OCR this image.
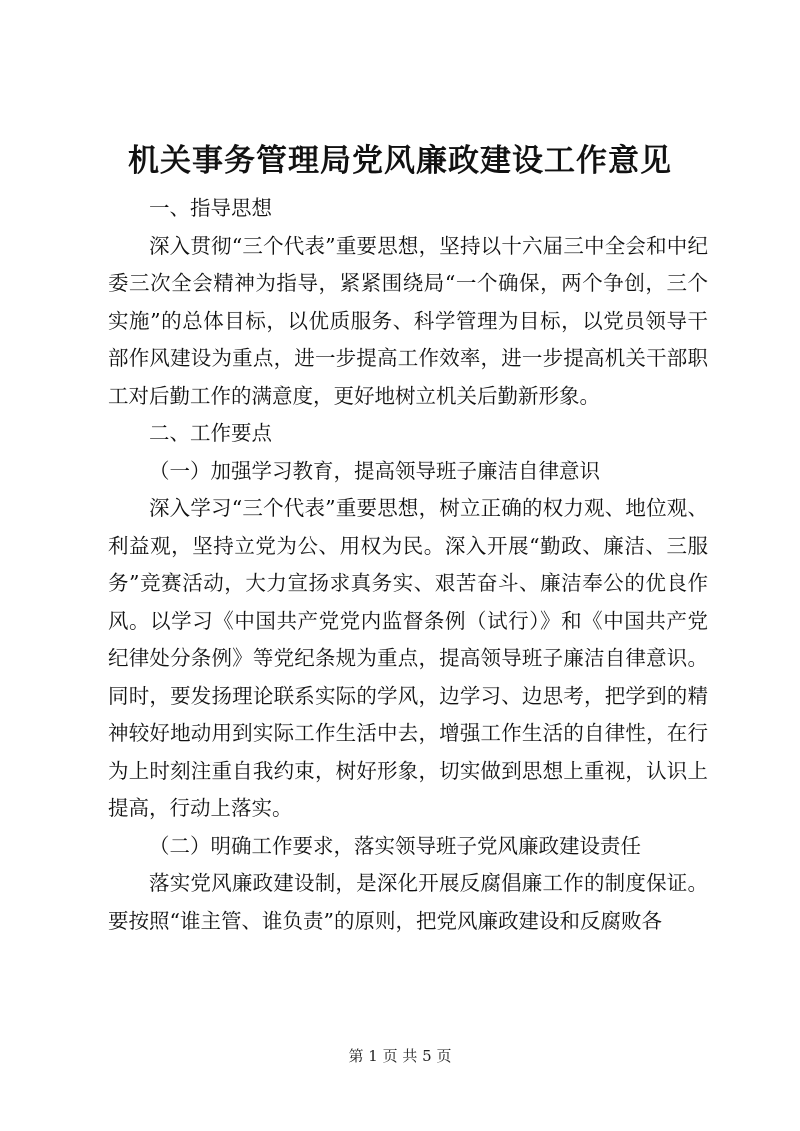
机关事务管理局党风廉政建设工作意见

一、指导思想

深入贯彻“三个代表”重要思想，坚持以十六届三中全会和中纪委三次全会精神为指导，紧紧围绕局“一个确保，两个争创，三个实施”的总体目标，以优质服务、科学管理为目标，以党员领导干部作风建设为重点，进一步提高工作效率，进一步提高机关干部职工对后勤工作的满意度，更好地树立机关后勤新形象。

二、工作要点

（一）加强学习教育，提高领导班子廉洁自律意识

深入学习“三个代表”重要思想，树立正确的权力观、地位观、利益观，坚持立党为公、用权为民。深入开展“勤政、廉洁、三服务”竞赛活动，大力宣扬求真务实、艰苦奋斗、廉洁奉公的优良作风。以学习《中国共产党党内监督条例（试行）》和《中国共产党纪律处分条例》等党纪条规为重点，提高领导班子廉洁自律意识。同时，要发扬理论联系实际的学风，边学习、边思考，把学到的精神较好地动用到实际工作生活中去，增强工作生活的自律性，在行为上时刻注重自我约束，树好形象，切实做到思想上重视，认识上提高，行动上落实。

（二）明确工作要求，落实领导班子党风廉政建设责任

落实党风廉政建设制，是深化开展反腐倡廉工作的制度保证。要按照“谁主管、谁负责”的原则，把党风廉政建设和反腐败各

第 1 页 共 5 页
